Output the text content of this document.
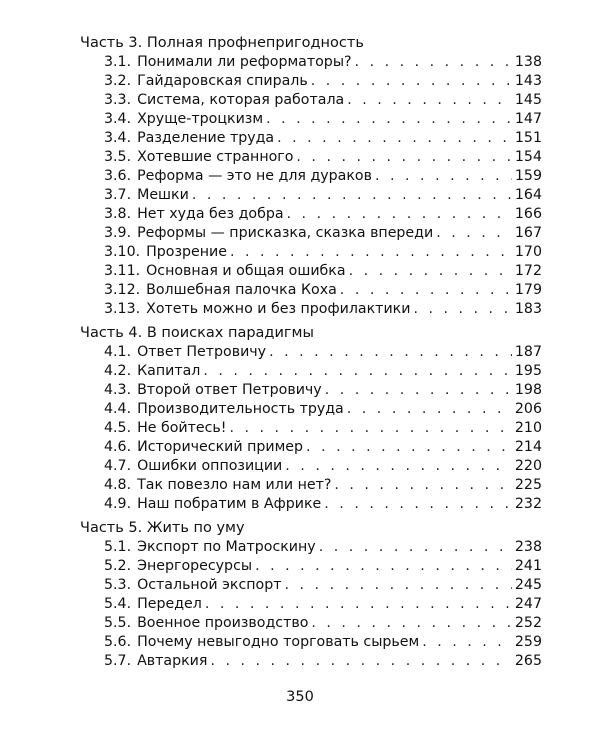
Часть 3. Полная профнепригодность
3.1. Понимали ли реформаторы? . . .	138
3.2. Гайдаровская спираль . . .	143
3.3. Система, которая работала . . .	145
3.4. Хруще-троцкизм . . .	147
3.4. Разделение труда . . .	151
3.5. Хотевшие странного . . .	154
3.6. Реформа — это не для дураков . . .	159
3.7. Мешки . . .	164
3.8. Нет худа без добра . . .	166
3.9. Реформы — присказка, сказка впереди . . .	167
3.10. Прозрение . . .	170
3.11. Основная и общая ошибка . . .	172
3.12. Волшебная палочка Коха . . .	179
3.13. Хотеть можно и без профилактики . . .	183
Часть 4. В поисках парадигмы
4.1. Ответ Петровичу . . .	187
4.2. Капитал . . .	195
4.3. Второй ответ Петровичу . . .	198
4.4. Производительность труда . . .	206
4.5. Не бойтесь! . . .	210
4.6. Исторический пример . . .	214
4.7. Ошибки оппозиции . . .	220
4.8. Так повезло нам или нет? . . .	225
4.9. Наш побратим в Африке . . .	232
Часть 5. Жить по уму
5.1. Экспорт по Матроскину . . .	238
5.2. Энергоресурсы . . .	241
5.3. Остальной экспорт . . .	245
5.4. Передел . . .	247
5.5. Военное производство . . .	252
5.6. Почему невыгодно торговать сырьем . . .	259
5.7. Автаркия . . .	265
350
